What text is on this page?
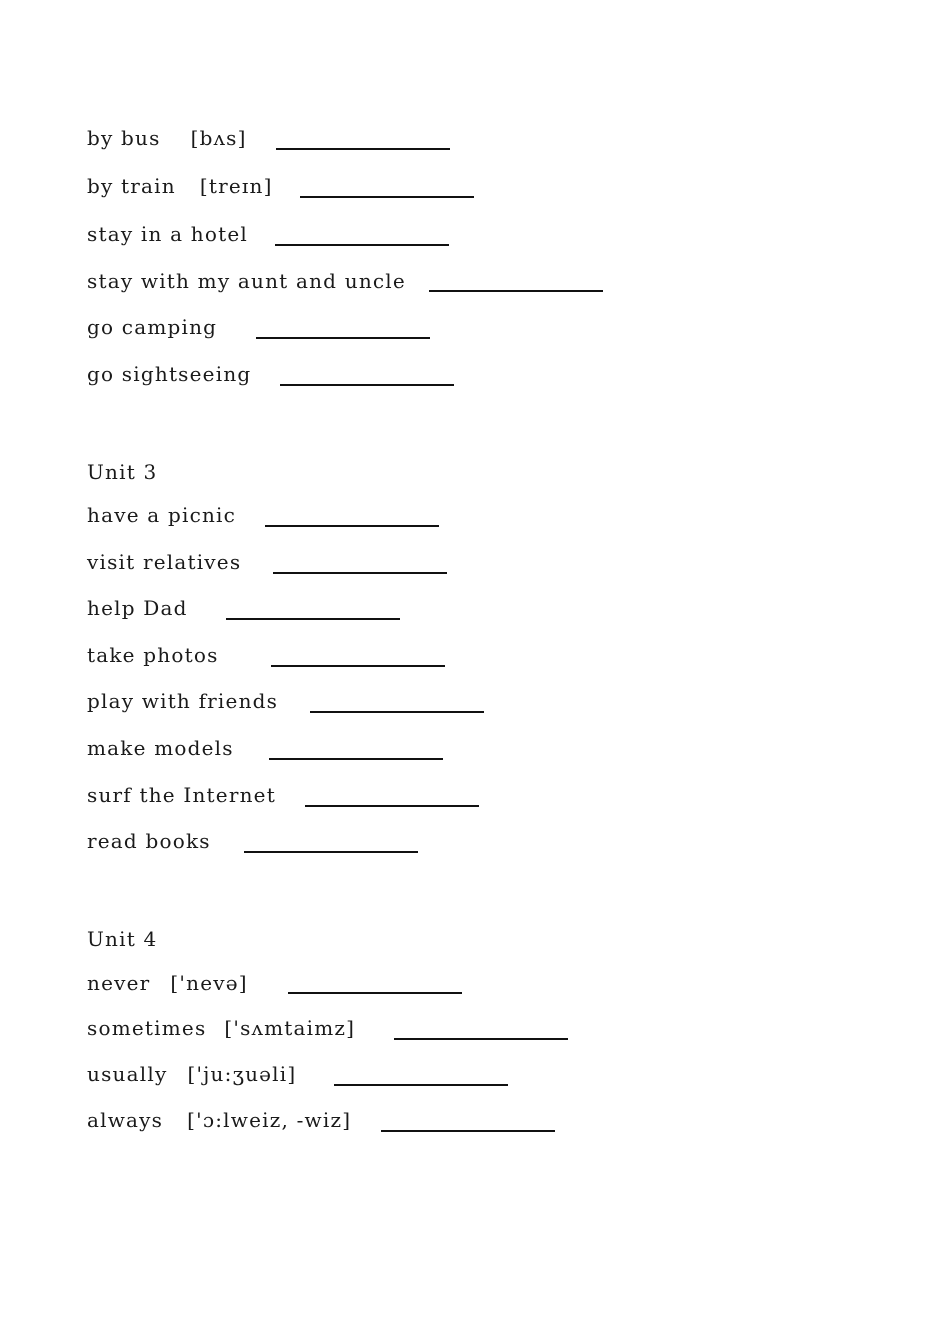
by bus [bʌs]
by train [treɪn]
stay in a hotel
stay with my aunt and uncle
go camping
go sightseeing
Unit 3
have a picnic
visit relatives
help Dad
take photos
play with friends
make models
surf the Internet
read books
Unit 4
never ['nevə]
sometimes ['sʌmtaimz]
usually ['ju:ʒuəli]
always ['ɔ:lweiz, -wiz]
